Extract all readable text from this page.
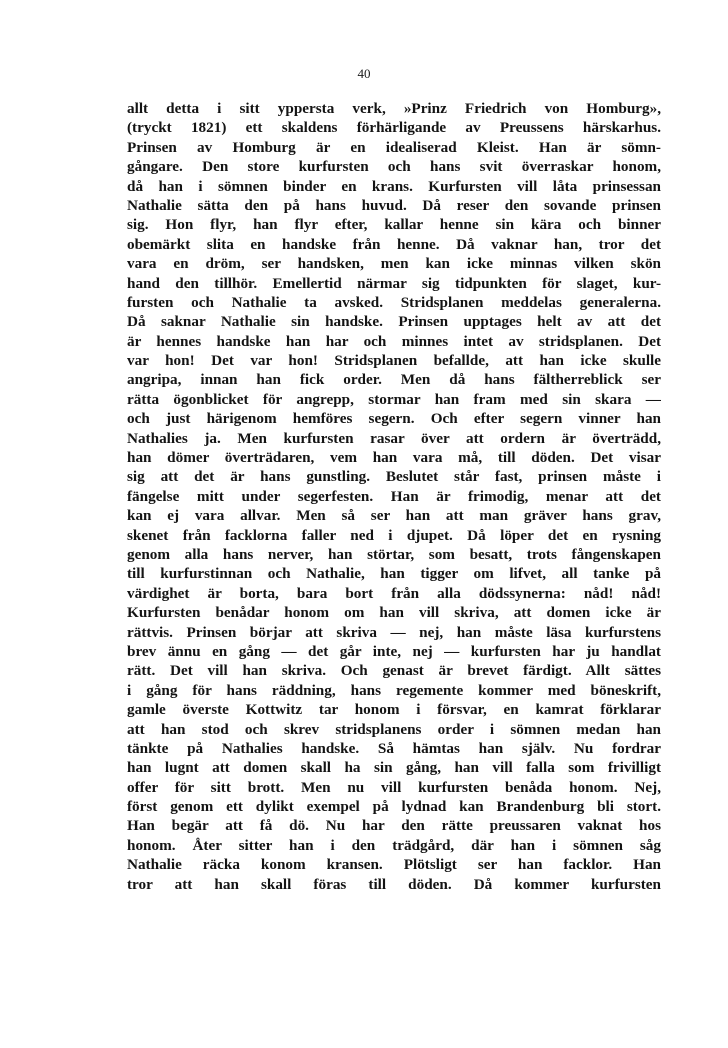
40
allt detta i sitt yppersta verk, »Prinz Friedrich von Homburg»,
(tryckt 1821) ett skaldens förhärligande av Preussens härskarhus.
Prinsen av Homburg är en idealiserad Kleist. Han är sömn-
gångare. Den store kurfursten och hans svit överraskar honom,
då han i sömnen binder en krans. Kurfursten vill låta prinsessan
Nathalie sätta den på hans huvud. Då reser den sovande prinsen
sig. Hon flyr, han flyr efter, kallar henne sin kära och binner
obemärkt slita en handske från henne. Då vaknar han, tror det
vara en dröm, ser handsken, men kan icke minnas vilken skön
hand den tillhör. Emellertid närmar sig tidpunkten för slaget, kur-
fursten och Nathalie ta avsked. Stridsplanen meddelas generalerna.
Då saknar Nathalie sin handske. Prinsen upptages helt av att det
är hennes handske han har och minnes intet av stridsplanen. Det
var hon! Det var hon! Stridsplanen befallde, att han icke skulle
angripa, innan han fick order. Men då hans fältherreblick ser
rätta ögonblicket för angrepp, stormar han fram med sin skara —
och just härigenom hemföres segern. Och efter segern vinner han
Nathalies ja. Men kurfursten rasar över att ordern är överträdd,
han dömer överträdaren, vem han vara må, till döden. Det visar
sig att det är hans gunstling. Beslutet står fast, prinsen måste i
fängelse mitt under segerfesten. Han är frimodig, menar att det
kan ej vara allvar. Men så ser han att man gräver hans grav,
skenet från facklorna faller ned i djupet. Då löper det en rysning
genom alla hans nerver, han störtar, som besatt, trots fångenskapen
till kurfurstinnan och Nathalie, han tigger om lifvet, all tanke på
värdighet är borta, bara bort från alla dödssynerna: nåd! nåd!
Kurfursten benådar honom om han vill skriva, att domen icke är
rättvis. Prinsen börjar att skriva — nej, han måste läsa kurfurstens
brev ännu en gång — det går inte, nej — kurfursten har ju handlat
rätt. Det vill han skriva. Och genast är brevet färdigt. Allt sättes
i gång för hans räddning, hans regemente kommer med böneskrift,
gamle överste Kottwitz tar honom i försvar, en kamrat förklarar
att han stod och skrev stridsplanens order i sömnen medan han
tänkte på Nathalies handske. Så hämtas han själv. Nu fordrar
han lugnt att domen skall ha sin gång, han vill falla som frivilligt
offer för sitt brott. Men nu vill kurfursten benåda honom. Nej,
först genom ett dylikt exempel på lydnad kan Brandenburg bli stort.
Han begär att få dö. Nu har den rätte preussaren vaknat hos
honom. Åter sitter han i den trädgård, där han i sömnen såg
Nathalie räcka konom kransen. Plötsligt ser han facklor. Han
tror att han skall föras till döden. Då kommer kurfursten
